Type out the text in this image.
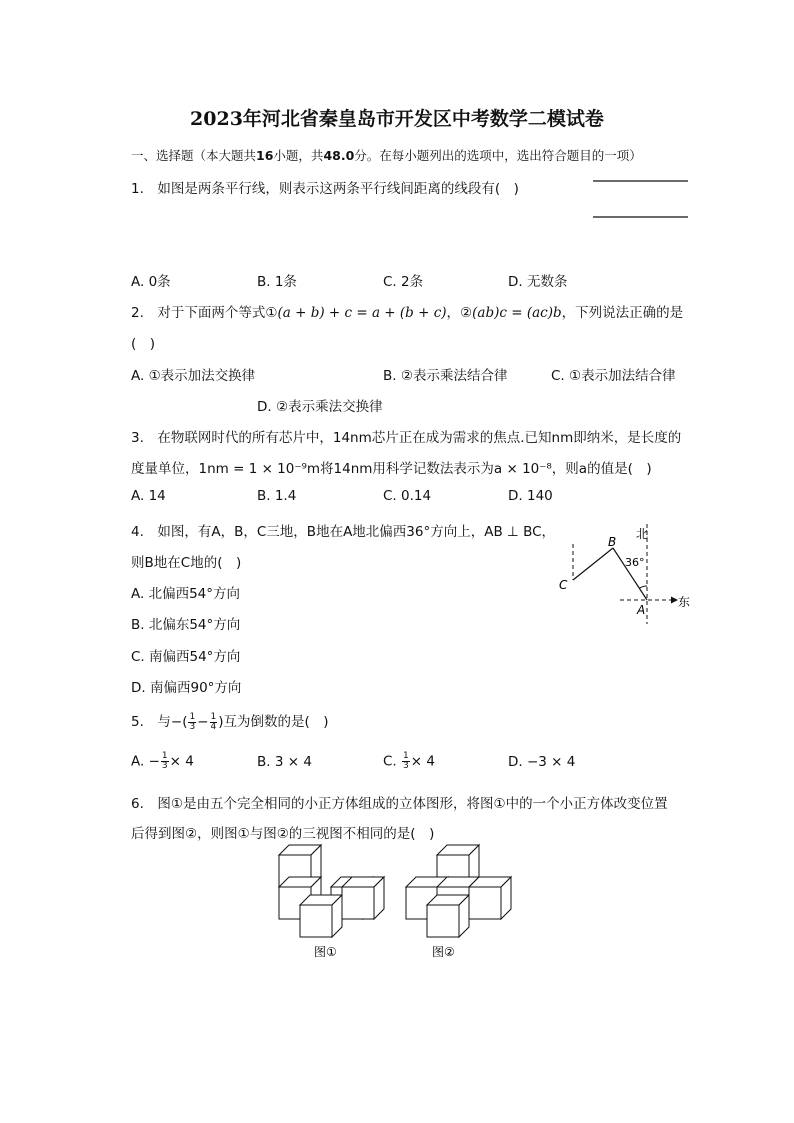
2023年河北省秦皇岛市开发区中考数学二模试卷
一、选择题（本大题共16小题，共48.0分。在每小题列出的选项中，选出符合题目的一项）
1.　如图是两条平行线，则表示这两条平行线间距离的线段有(　)
A. 0条	B. 1条	C. 2条	D. 无数条
2.　对于下面两个等式①(a + b) + c = a + (b + c)，②(ab)c = (ac)b，下列说法正确的是
(　)
A. ①表示加法交换律	B. ②表示乘法结合律	C. ①表示加法结合律
D. ②表示乘法交换律
3.　在物联网时代的所有芯片中，14nm芯片正在成为需求的焦点.已知nm即纳米，是长度的
度量单位，1nm = 1 × 10⁻⁹m将14nm用科学记数法表示为a × 10⁻⁸，则a的值是(　)
A. 14	B. 1.4	C. 0.14	D. 140
4.　如图，有A，B，C三地，B地在A地北偏西36°方向上，AB ⊥ BC，
则B地在C地的(　)
A. 北偏西54°方向
B. 北偏东54°方向
C. 南偏西54°方向
D. 南偏西90°方向
北
东
36°
A
B
C
5.　与−( $\frac{1}{3} - \frac{1}{4}$ )互为倒数的是(　)
A. − $\frac{1}{3} \times 4$	B. 3 × 4	C. $\frac{1}{3} \times 4$	D. −3 × 4
6.　图①是由五个完全相同的小正方体组成的立体图形，将图①中的一个小正方体改变位置
后得到图②，则图①与图②的三视图不相同的是(　)
图①	图②
